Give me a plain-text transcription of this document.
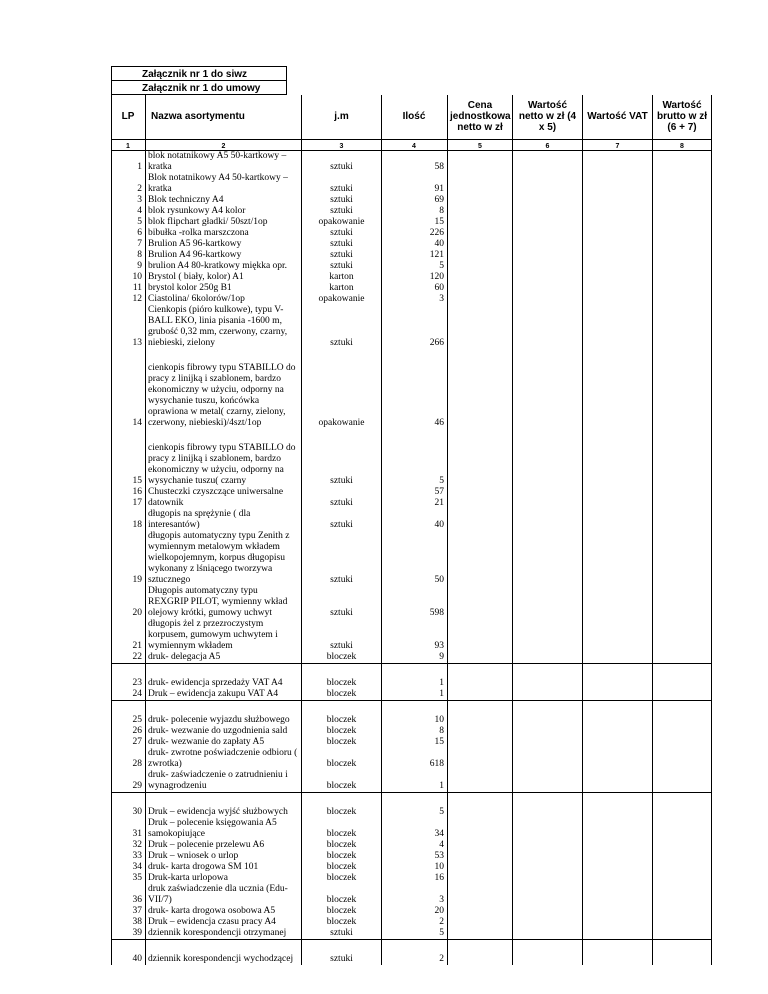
Załącznik nr 1 do siwz
Załącznik nr 1 do umowy
LP	Nazwa asortymentu	j.m	Ilość	Cena jednostkowa netto w zł	Wartość netto w zł (4 x 5)	Wartość VAT	Wartość brutto w zł (6 + 7)
1	2	3	4	5	6	7	8
1	blok notatnikowy A5 50-kartkowy –kratka	sztuki	58				
2	Blok notatnikowy A4 50-kartkowy –kratka	sztuki	91				
3	Blok techniczny A4	sztuki	69				
4	blok rysunkowy A4 kolor	sztuki	8				
5	blok flipchart gładki/ 50szt/1op	opakowanie	15				
6	bibułka -rolka marszczona	sztuki	226				
7	Brulion A5 96-kartkowy	sztuki	40				
8	Brulion A4 96-kartkowy	sztuki	121				
9	brulion A4 80-kratkowy miękka opr.	sztuki	5				
10	Brystol ( biały, kolor) A1	karton	120				
11	brystol kolor 250g B1	karton	60				
12	Ciastolina/ 6kolorów/1op	opakowanie	3				
13	Cienkopis (pióro kulkowe), typu V-BALL EKO, linia pisania -1600 m, grubość 0,32 mm, czerwony, czarny, niebieski, zielony	sztuki	266				

14	cienkopis fibrowy typu STABILLO do pracy z linijką i szablonem, bardzo ekonomiczny w użyciu, odporny na wysychanie tuszu, końcówka oprawiona w metal( czarny, zielony, czerwony, niebieski)/4szt/1op	opakowanie	46				

15	cienkopis fibrowy typu STABILLO do pracy z linijką i szablonem, bardzo ekonomiczny w użyciu, odporny na wysychanie tuszu( czarny	sztuki	5				
16	Chusteczki czyszczące uniwersalne		57				
17	datownik	sztuki	21				
18	długopis na sprężynie ( dla interesantów)	sztuki	40				
19	długopis automatyczny typu Zenith z wymiennym metalowym wkładem wielkopojemnym, korpus długopisu wykonany z lśniącego tworzywa sztucznego	sztuki	50				
20	Długopis automatyczny typu REXGRIP PILOT, wymienny wkład olejowy krótki, gumowy uchwyt	sztuki	598				
21	długopis żel z przezroczystym korpusem, gumowym uchwytem i wymiennym wkładem	sztuki	93				
22	druk- delegacja A5	bloczek	9				

23	druk- ewidencja sprzedaży VAT A4	bloczek	1				
24	Druk – ewidencja zakupu VAT A4	bloczek	1				

25	druk- polecenie wyjazdu służbowego	bloczek	10				
26	druk- wezwanie do uzgodnienia sald	bloczek	8				
27	druk- wezwanie do zapłaty A5	bloczek	15				
28	druk- zwrotne poświadczenie odbioru ( zwrotka)	bloczek	618				
29	druk- zaświadczenie o zatrudnieniu i wynagrodzeniu	bloczek	1				

30	Druk – ewidencja wyjść służbowych	bloczek	5				
31	Druk – polecenie księgowania A5 samokopiujące	bloczek	34				
32	Druk – polecenie przelewu A6	bloczek	4				
33	Druk – wniosek o urlop	bloczek	53				
34	druk- karta drogowa SM 101	bloczek	10				
35	Druk-karta urlopowa	bloczek	16				
36	druk zaświadczenie dla ucznia (Edu-VII/7)	bloczek	3				
37	druk- karta drogowa osobowa A5	bloczek	20				
38	Druk – ewidencja czasu pracy A4	bloczek	2				
39	dziennik korespondencji otrzymanej	sztuki	5				

40	dziennik korespondencji wychodzącej	sztuki	2				
